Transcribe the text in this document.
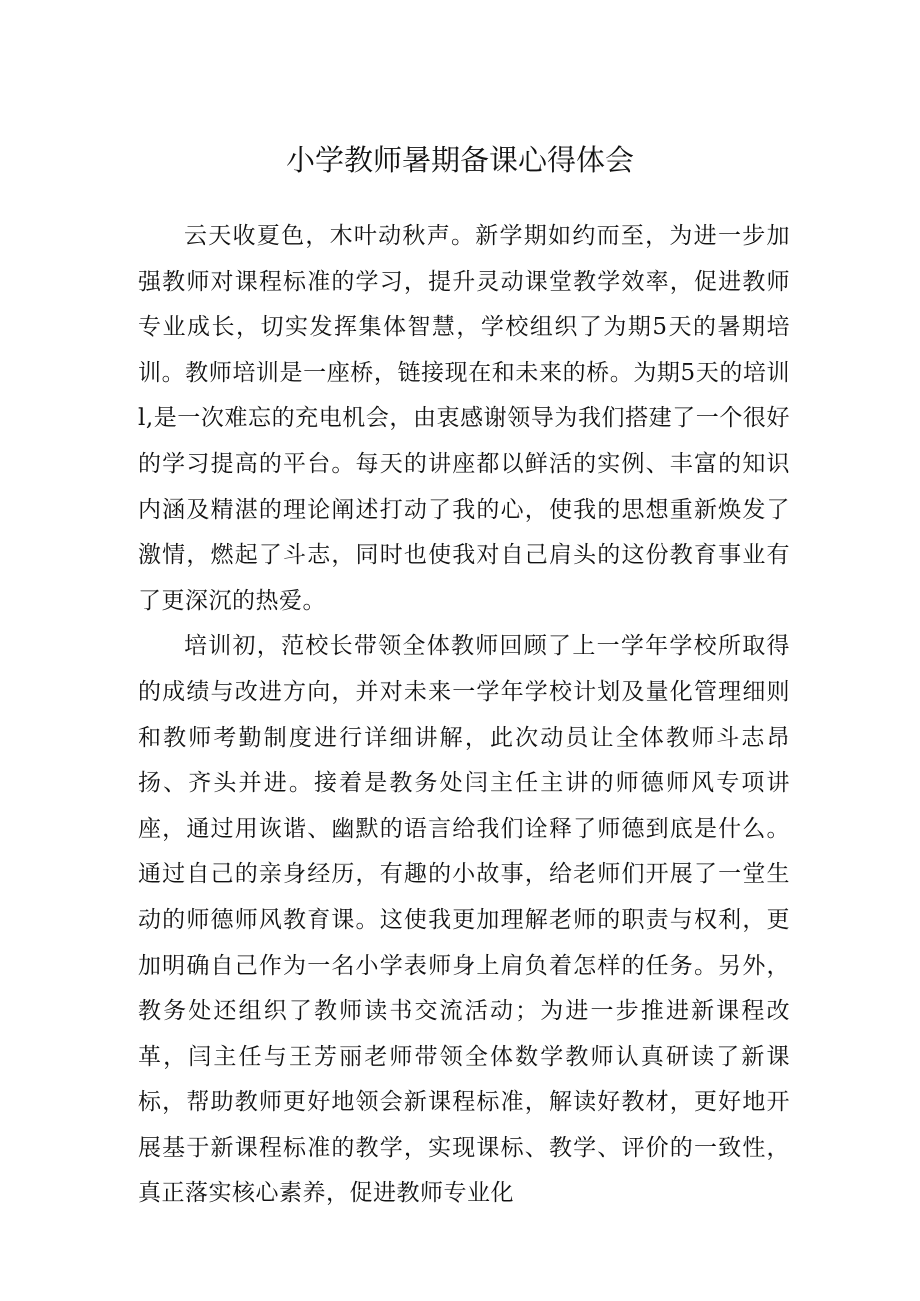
小学教师暑期备课心得体会

云天收夏色，木叶动秋声。新学期如约而至，为进一步加强教师对课程标准的学习，提升灵动课堂教学效率，促进教师专业成长，切实发挥集体智慧，学校组织了为期5天的暑期培训。教师培训是一座桥，链接现在和未来的桥。为期5天的培训l,是一次难忘的充电机会，由衷感谢领导为我们搭建了一个很好的学习提高的平台。每天的讲座都以鲜活的实例、丰富的知识内涵及精湛的理论阐述打动了我的心，使我的思想重新焕发了激情，燃起了斗志，同时也使我对自己肩头的这份教育事业有了更深沉的热爱。

培训初，范校长带领全体教师回顾了上一学年学校所取得的成绩与改进方向，并对未来一学年学校计划及量化管理细则和教师考勤制度进行详细讲解，此次动员让全体教师斗志昂扬、齐头并进。接着是教务处闫主任主讲的师德师风专项讲座，通过用诙谐、幽默的语言给我们诠释了师德到底是什么。通过自己的亲身经历，有趣的小故事，给老师们开展了一堂生动的师德师风教育课。这使我更加理解老师的职责与权利，更加明确自己作为一名小学表师身上肩负着怎样的任务。另外，教务处还组织了教师读书交流活动；为进一步推进新课程改革，闫主任与王芳丽老师带领全体数学教师认真研读了新课标，帮助教师更好地领会新课程标准，解读好教材，更好地开展基于新课程标准的教学，实现课标、教学、评价的一致性，真正落实核心素养，促进教师专业化
